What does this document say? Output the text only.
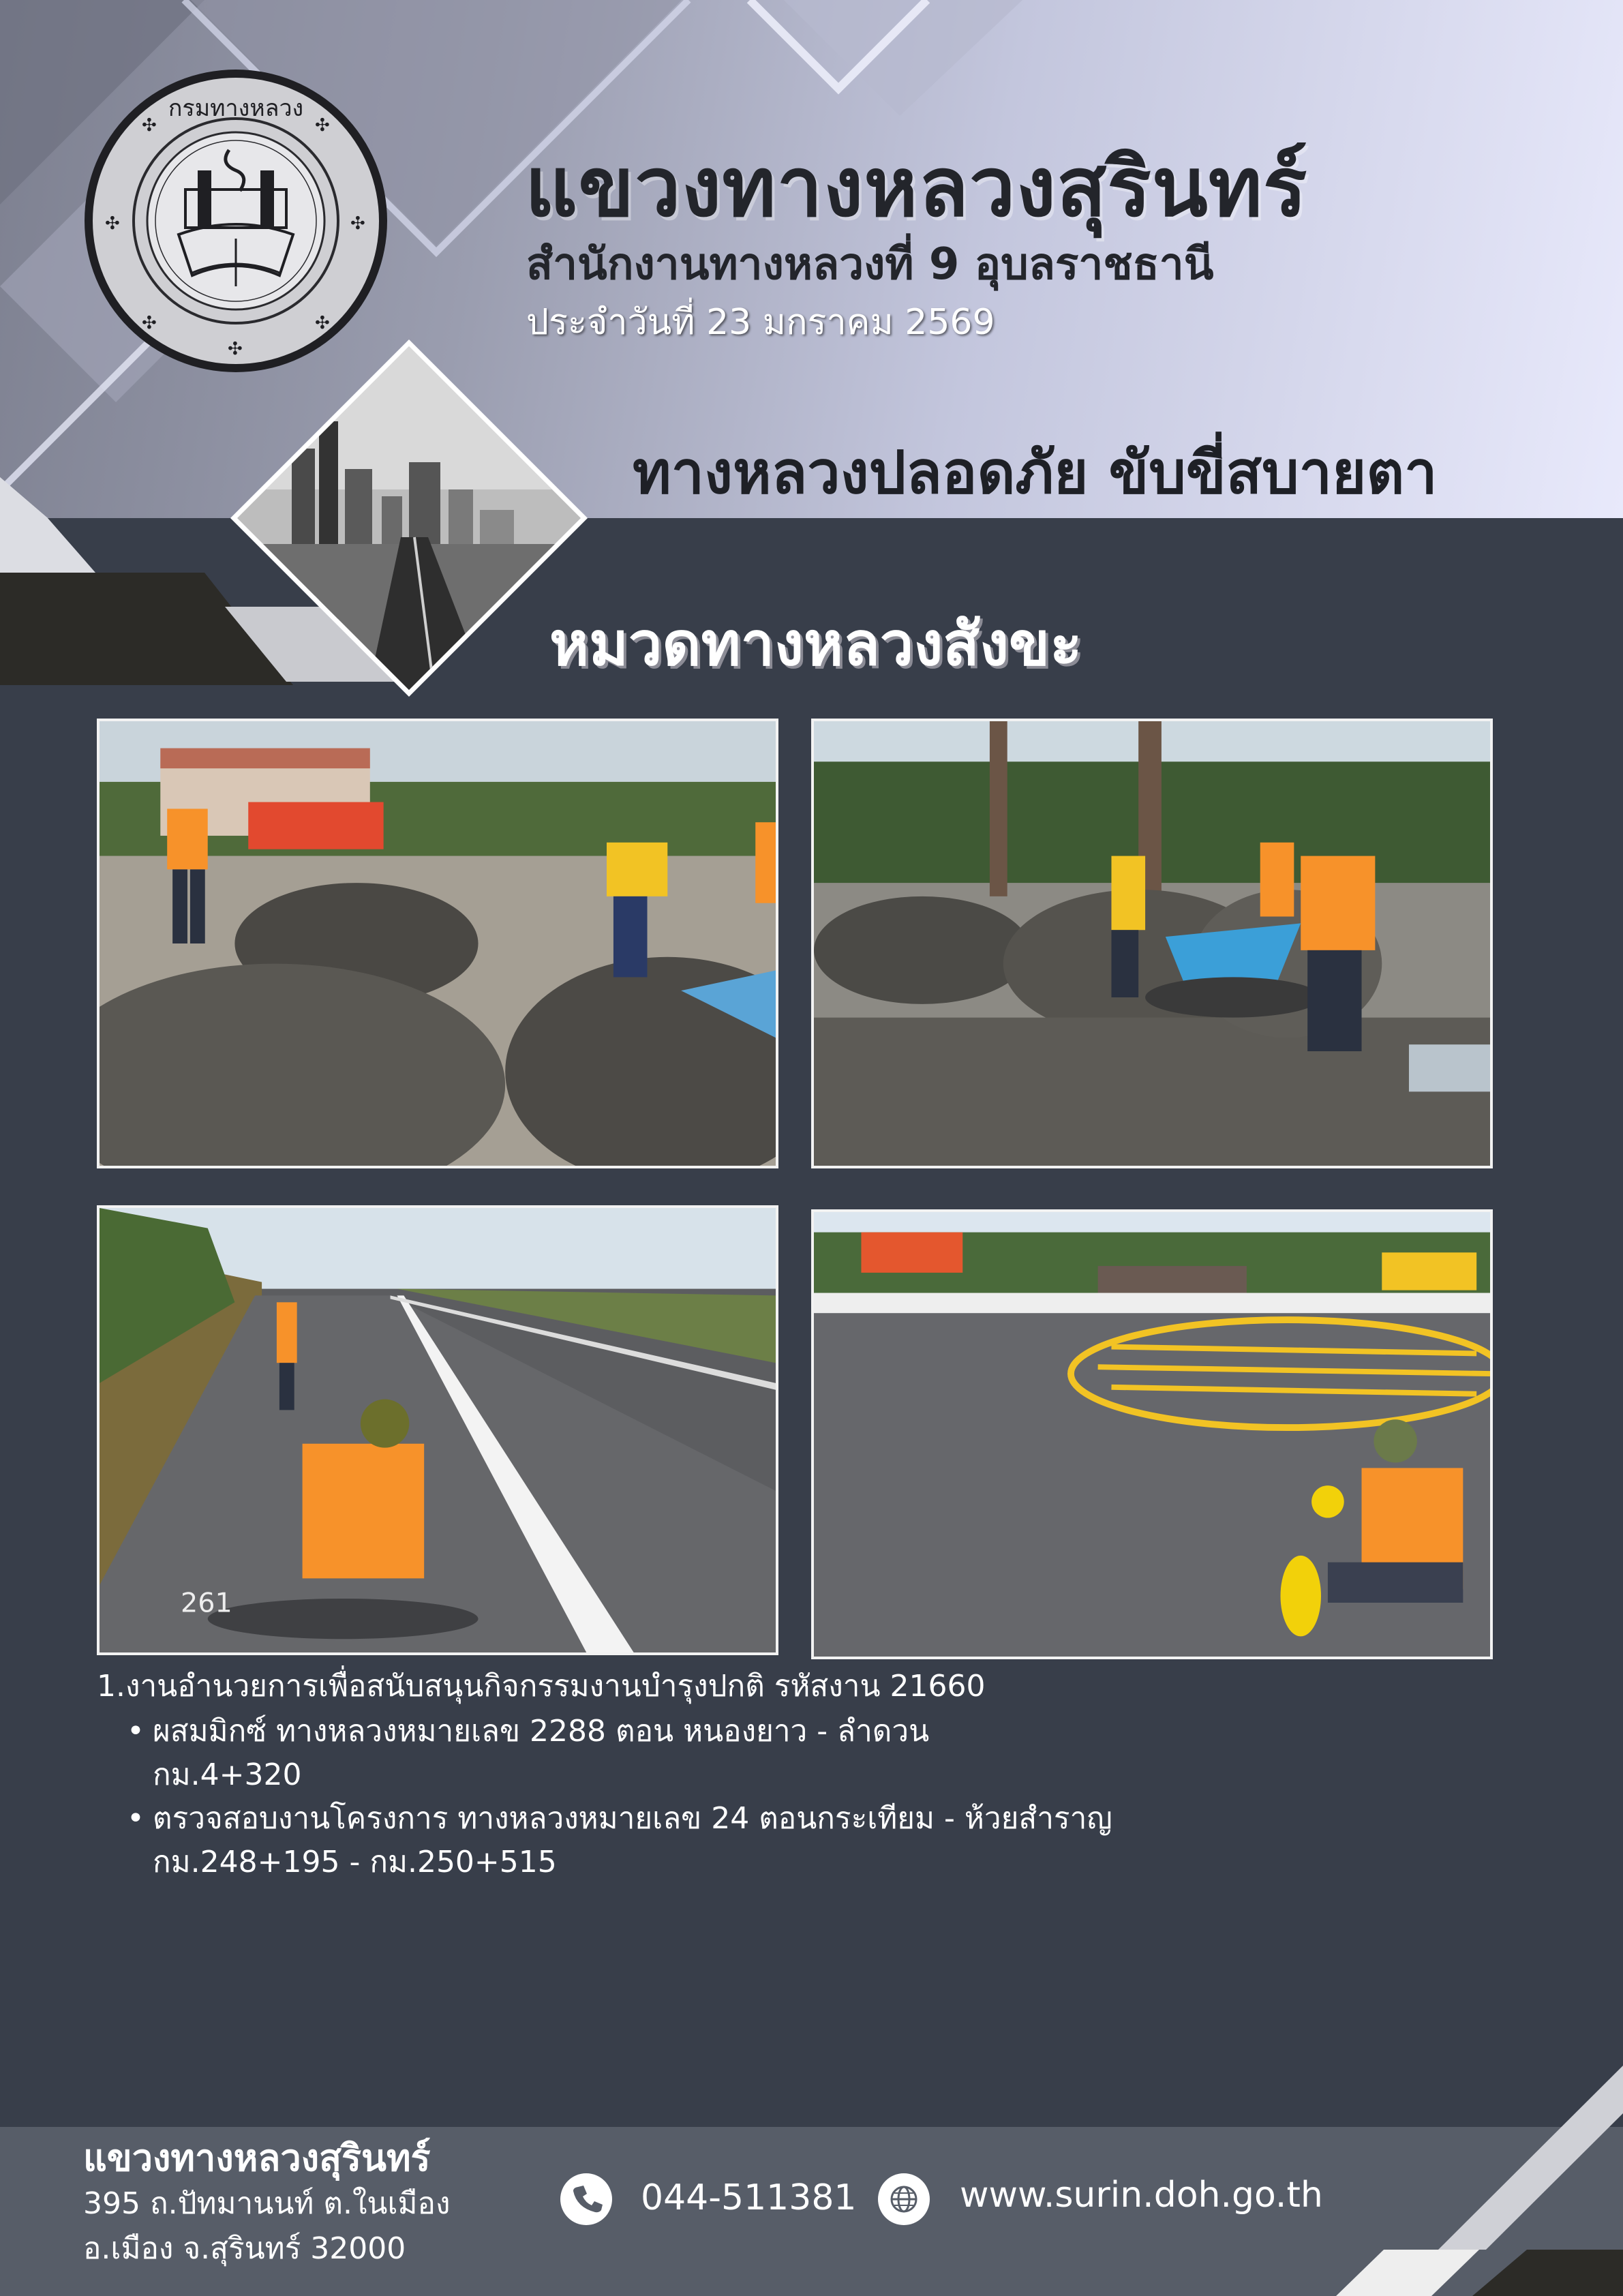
กรมทางหลวง
✣	✣
✣	✣
✣	✣
✣
แขวงทางหลวงสุรินทร์
สำนักงานทางหลวงที่ 9 อุบลราชธานี
ประจำวันที่ 23 มกราคม 2569
ทางหลวงปลอดภัย ขับขี่สบายตา
หมวดทางหลวงสังขะ
261
1.งานอำนวยการเพื่อสนับสนุนกิจกรรมงานบำรุงปกติ รหัสงาน 21660
• ผสมมิกซ์ ทางหลวงหมายเลข 2288 ตอน หนองยาว - ลำดวน
กม.4+320
• ตรวจสอบงานโครงการ ทางหลวงหมายเลข 24 ตอนกระเทียม - ห้วยสำราญ
กม.248+195 - กม.250+515
แขวงทางหลวงสุรินทร์
395 ถ.ปัทมานนท์ ต.ในเมือง
อ.เมือง จ.สุรินทร์ 32000
044-511381	www.surin.doh.go.th
